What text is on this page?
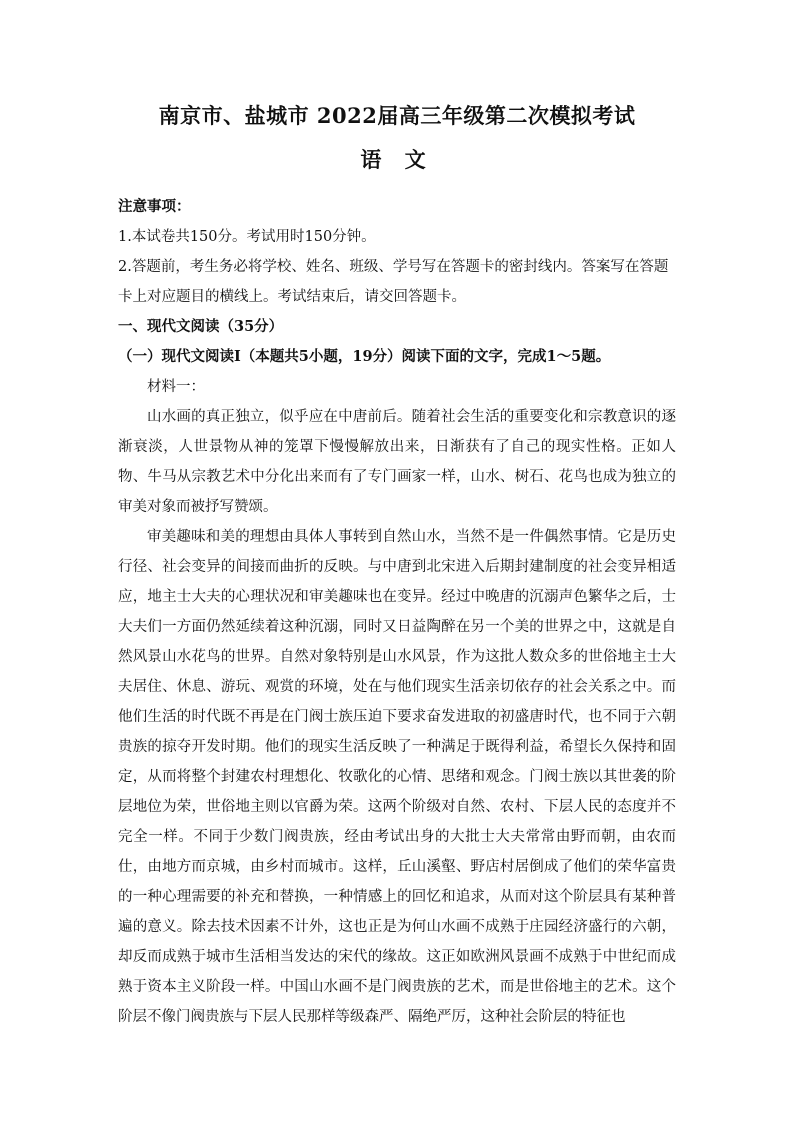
南京市、盐城市 2022届高三年级第二次模拟考试
语 文

注意事项：

1.本试卷共150分。考试用时150分钟。

2.答题前，考生务必将学校、姓名、班级、学号写在答题卡的密封线内。答案写在答题卡上对应题目的横线上。考试结束后，请交回答题卡。

一、现代文阅读（35分）

（一）现代文阅读Ⅰ（本题共5小题，19分）阅读下面的文字，完成1～5题。

材料一：

山水画的真正独立，似乎应在中唐前后。随着社会生活的重要变化和宗教意识的逐渐衰淡，人世景物从神的笼罩下慢慢解放出来，日渐获有了自己的现实性格。正如人物、牛马从宗教艺术中分化出来而有了专门画家一样，山水、树石、花鸟也成为独立的审美对象而被抒写赞颂。

审美趣味和美的理想由具体人事转到自然山水，当然不是一件偶然事情。它是历史行径、社会变异的间接而曲折的反映。与中唐到北宋进入后期封建制度的社会变异相适应，地主士大夫的心理状况和审美趣味也在变异。经过中晚唐的沉溺声色繁华之后，士大夫们一方面仍然延续着这种沉溺，同时又日益陶醉在另一个美的世界之中，这就是自然风景山水花鸟的世界。自然对象特别是山水风景，作为这批人数众多的世俗地主士大夫居住、休息、游玩、观赏的环境，处在与他们现实生活亲切依存的社会关系之中。而他们生活的时代既不再是在门阀士族压迫下要求奋发进取的初盛唐时代，也不同于六朝贵族的掠夺开发时期。他们的现实生活反映了一种满足于既得利益，希望长久保持和固定，从而将整个封建农村理想化、牧歌化的心情、思绪和观念。门阀士族以其世袭的阶层地位为荣，世俗地主则以官爵为荣。这两个阶级对自然、农村、下层人民的态度并不完全一样。不同于少数门阀贵族，经由考试出身的大批士大夫常常由野而朝，由农而仕，由地方而京城，由乡村而城市。这样，丘山溪壑、野店村居倒成了他们的荣华富贵的一种心理需要的补充和替换，一种情感上的回忆和追求，从而对这个阶层具有某种普遍的意义。除去技术因素不计外，这也正是为何山水画不成熟于庄园经济盛行的六朝，却反而成熟于城市生活相当发达的宋代的缘故。这正如欧洲风景画不成熟于中世纪而成熟于资本主义阶段一样。中国山水画不是门阀贵族的艺术，而是世俗地主的艺术。这个阶层不像门阀贵族与下层人民那样等级森严、隔绝严厉，这种社会阶层的特征也
